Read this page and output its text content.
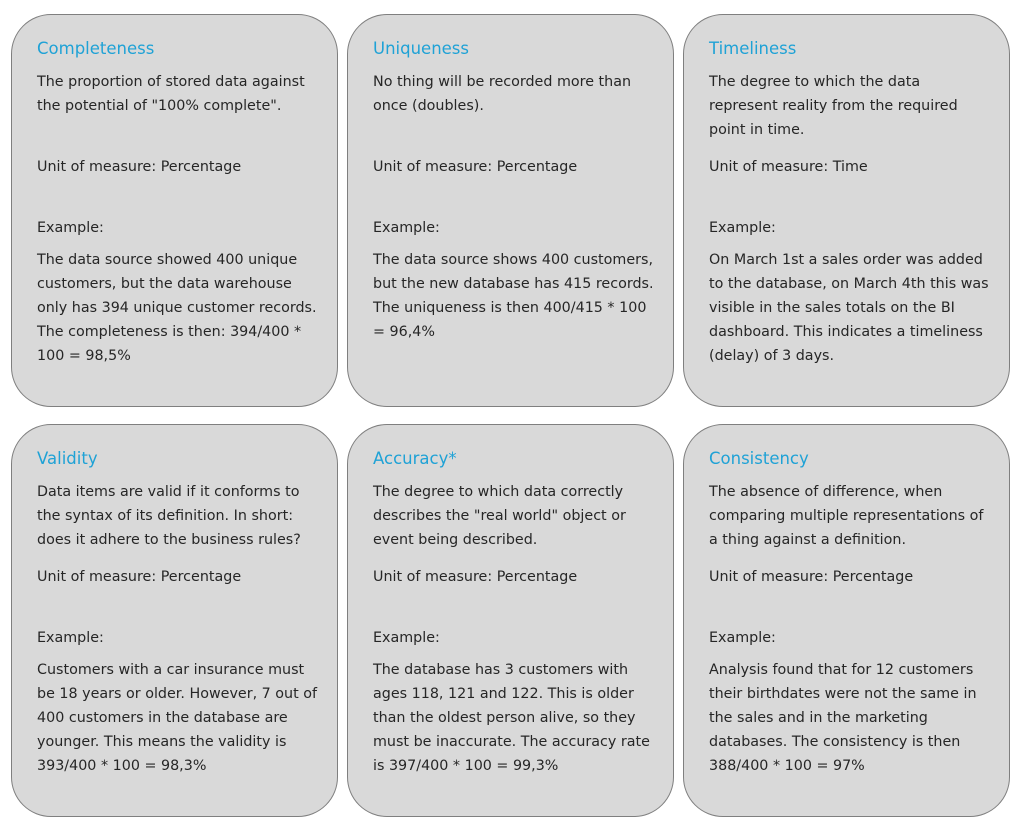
Completeness

The proportion of stored data against the potential of "100% complete".

Unit of measure: Percentage

Example:

The data source showed 400 unique customers, but the data warehouse only has 394 unique customer records. The completeness is then: 394/400 * 100 = 98,5%

Uniqueness

No thing will be recorded more than once (doubles).

Unit of measure: Percentage

Example:

The data source shows 400 customers, but the new database has 415 records. The uniqueness is then 400/415 * 100 = 96,4%

Timeliness

The degree to which the data represent reality from the required point in time.

Unit of measure: Time

Example:

On March 1st a sales order was added to the database, on March 4th this was visible in the sales totals on the BI dashboard. This indicates a timeliness (delay) of 3 days.

Validity

Data items are valid if it conforms to the syntax of its definition. In short: does it adhere to the business rules?

Unit of measure: Percentage

Example:

Customers with a car insurance must be 18 years or older. However, 7 out of 400 customers in the database are younger. This means the validity is 393/400 * 100 = 98,3%

Accuracy*

The degree to which data correctly describes the "real world" object or event being described.

Unit of measure: Percentage

Example:

The database has 3 customers with ages 118, 121 and 122. This is older than the oldest person alive, so they must be inaccurate. The accuracy rate is 397/400 * 100 = 99,3%

Consistency

The absence of difference, when comparing multiple representations of a thing against a definition.

Unit of measure: Percentage

Example:

Analysis found that for 12 customers their birthdates were not the same in the sales and in the marketing databases. The consistency is then 388/400 * 100 = 97%
